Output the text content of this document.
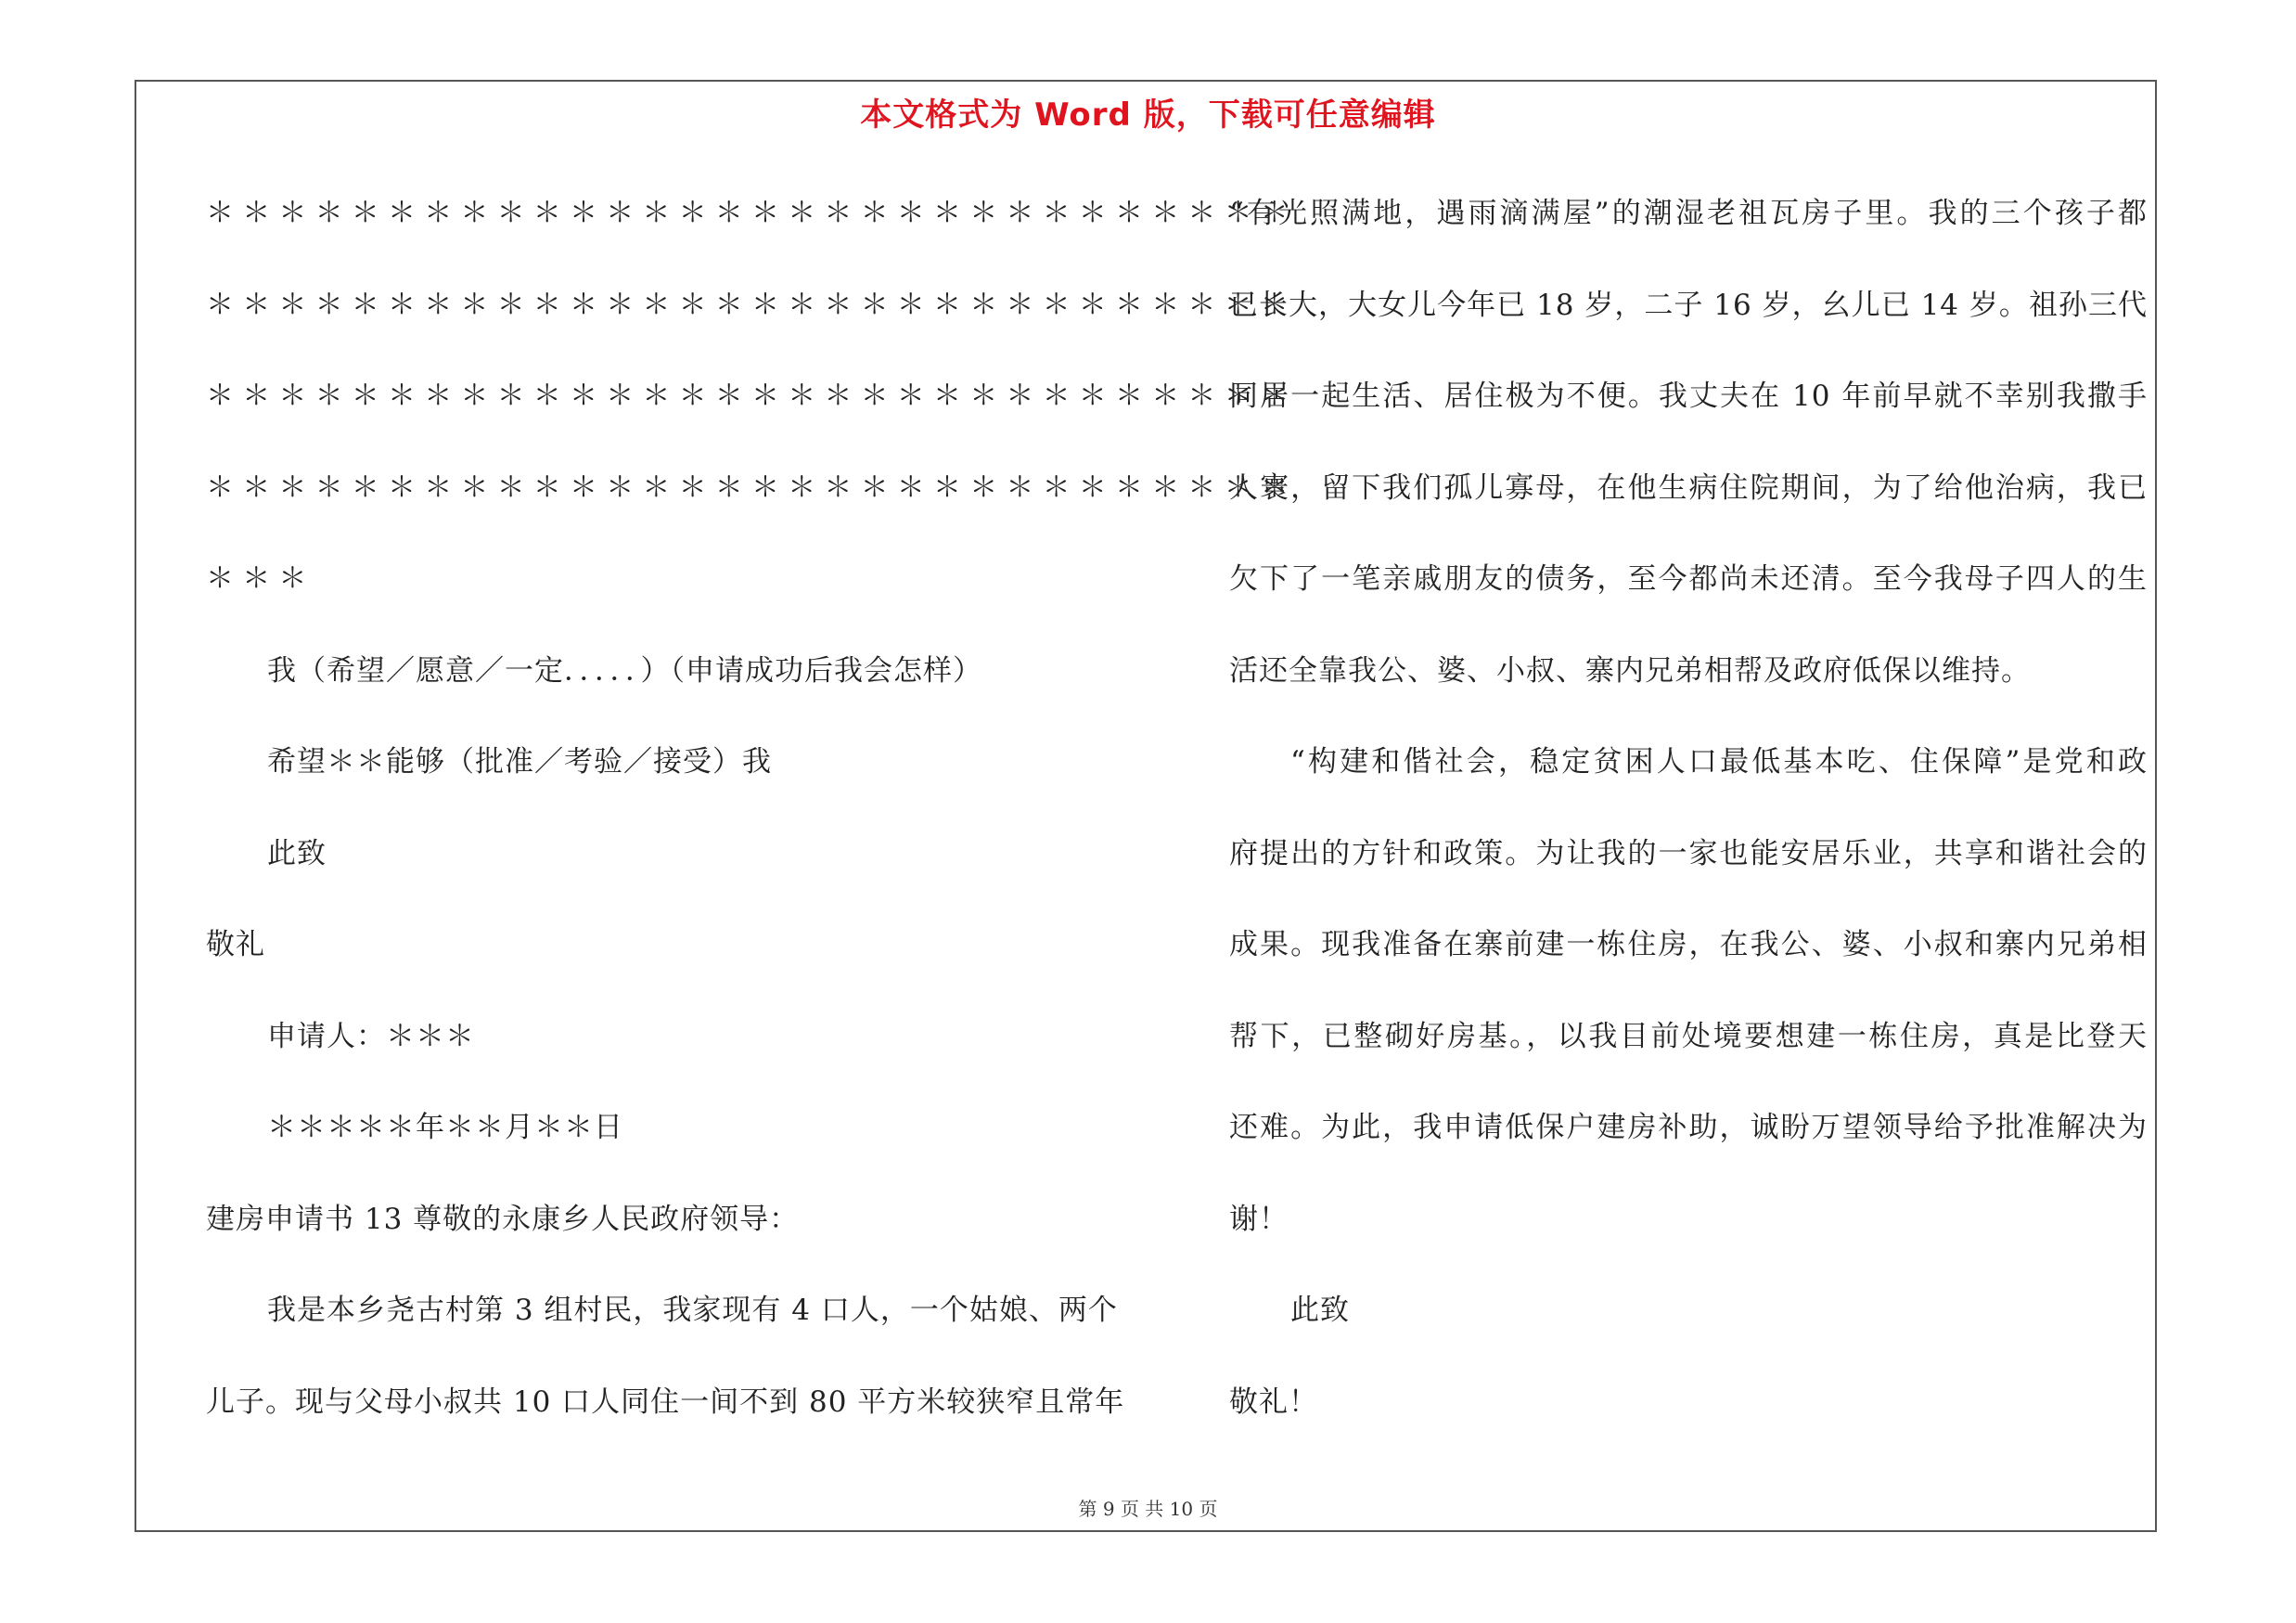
本文格式为 Word 版，下载可任意编辑
＊＊＊＊＊＊＊＊＊＊＊＊＊＊＊＊＊＊＊＊＊＊＊＊＊＊＊＊＊＊
＊＊＊＊＊＊＊＊＊＊＊＊＊＊＊＊＊＊＊＊＊＊＊＊＊＊＊＊＊＊
＊＊＊＊＊＊＊＊＊＊＊＊＊＊＊＊＊＊＊＊＊＊＊＊＊＊＊＊＊＊
＊＊＊＊＊＊＊＊＊＊＊＊＊＊＊＊＊＊＊＊＊＊＊＊＊＊＊＊＊＊
＊＊＊
我（希望／愿意／一定．．．．．）（申请成功后我会怎样）
希望＊＊能够（批准／考验／接受）我
此致
敬礼
申请人：＊＊＊
＊＊＊＊＊年＊＊月＊＊日
建房申请书 13 尊敬的永康乡人民政府领导：
我是本乡尧古村第 3 组村民，我家现有 4 口人，一个姑娘、两个
儿子。现与父母小叔共 10 口人同住一间不到 80 平方米较狭窄且常年
“有光照满地，遇雨滴满屋”的潮湿老祖瓦房子里。我的三个孩子都
已长大，大女儿今年已 18 岁，二子 16 岁，幺儿已 14 岁。祖孙三代
同居一起生活、居住极为不便。我丈夫在 10 年前早就不幸别我撒手
人寰，留下我们孤儿寡母，在他生病住院期间，为了给他治病，我已
欠下了一笔亲戚朋友的债务，至今都尚未还清。至今我母子四人的生
活还全靠我公、婆、小叔、寨内兄弟相帮及政府低保以维持。
“构建和偕社会，稳定贫困人口最低基本吃、住保障”是党和政
府提出的方针和政策。为让我的一家也能安居乐业，共享和谐社会的
成果。现我准备在寨前建一栋住房，在我公、婆、小叔和寨内兄弟相
帮下，已整砌好房基。，以我目前处境要想建一栋住房，真是比登天
还难。为此，我申请低保户建房补助，诚盼万望领导给予批准解决为
谢！
此致
敬礼！
第 9 页 共 10 页
